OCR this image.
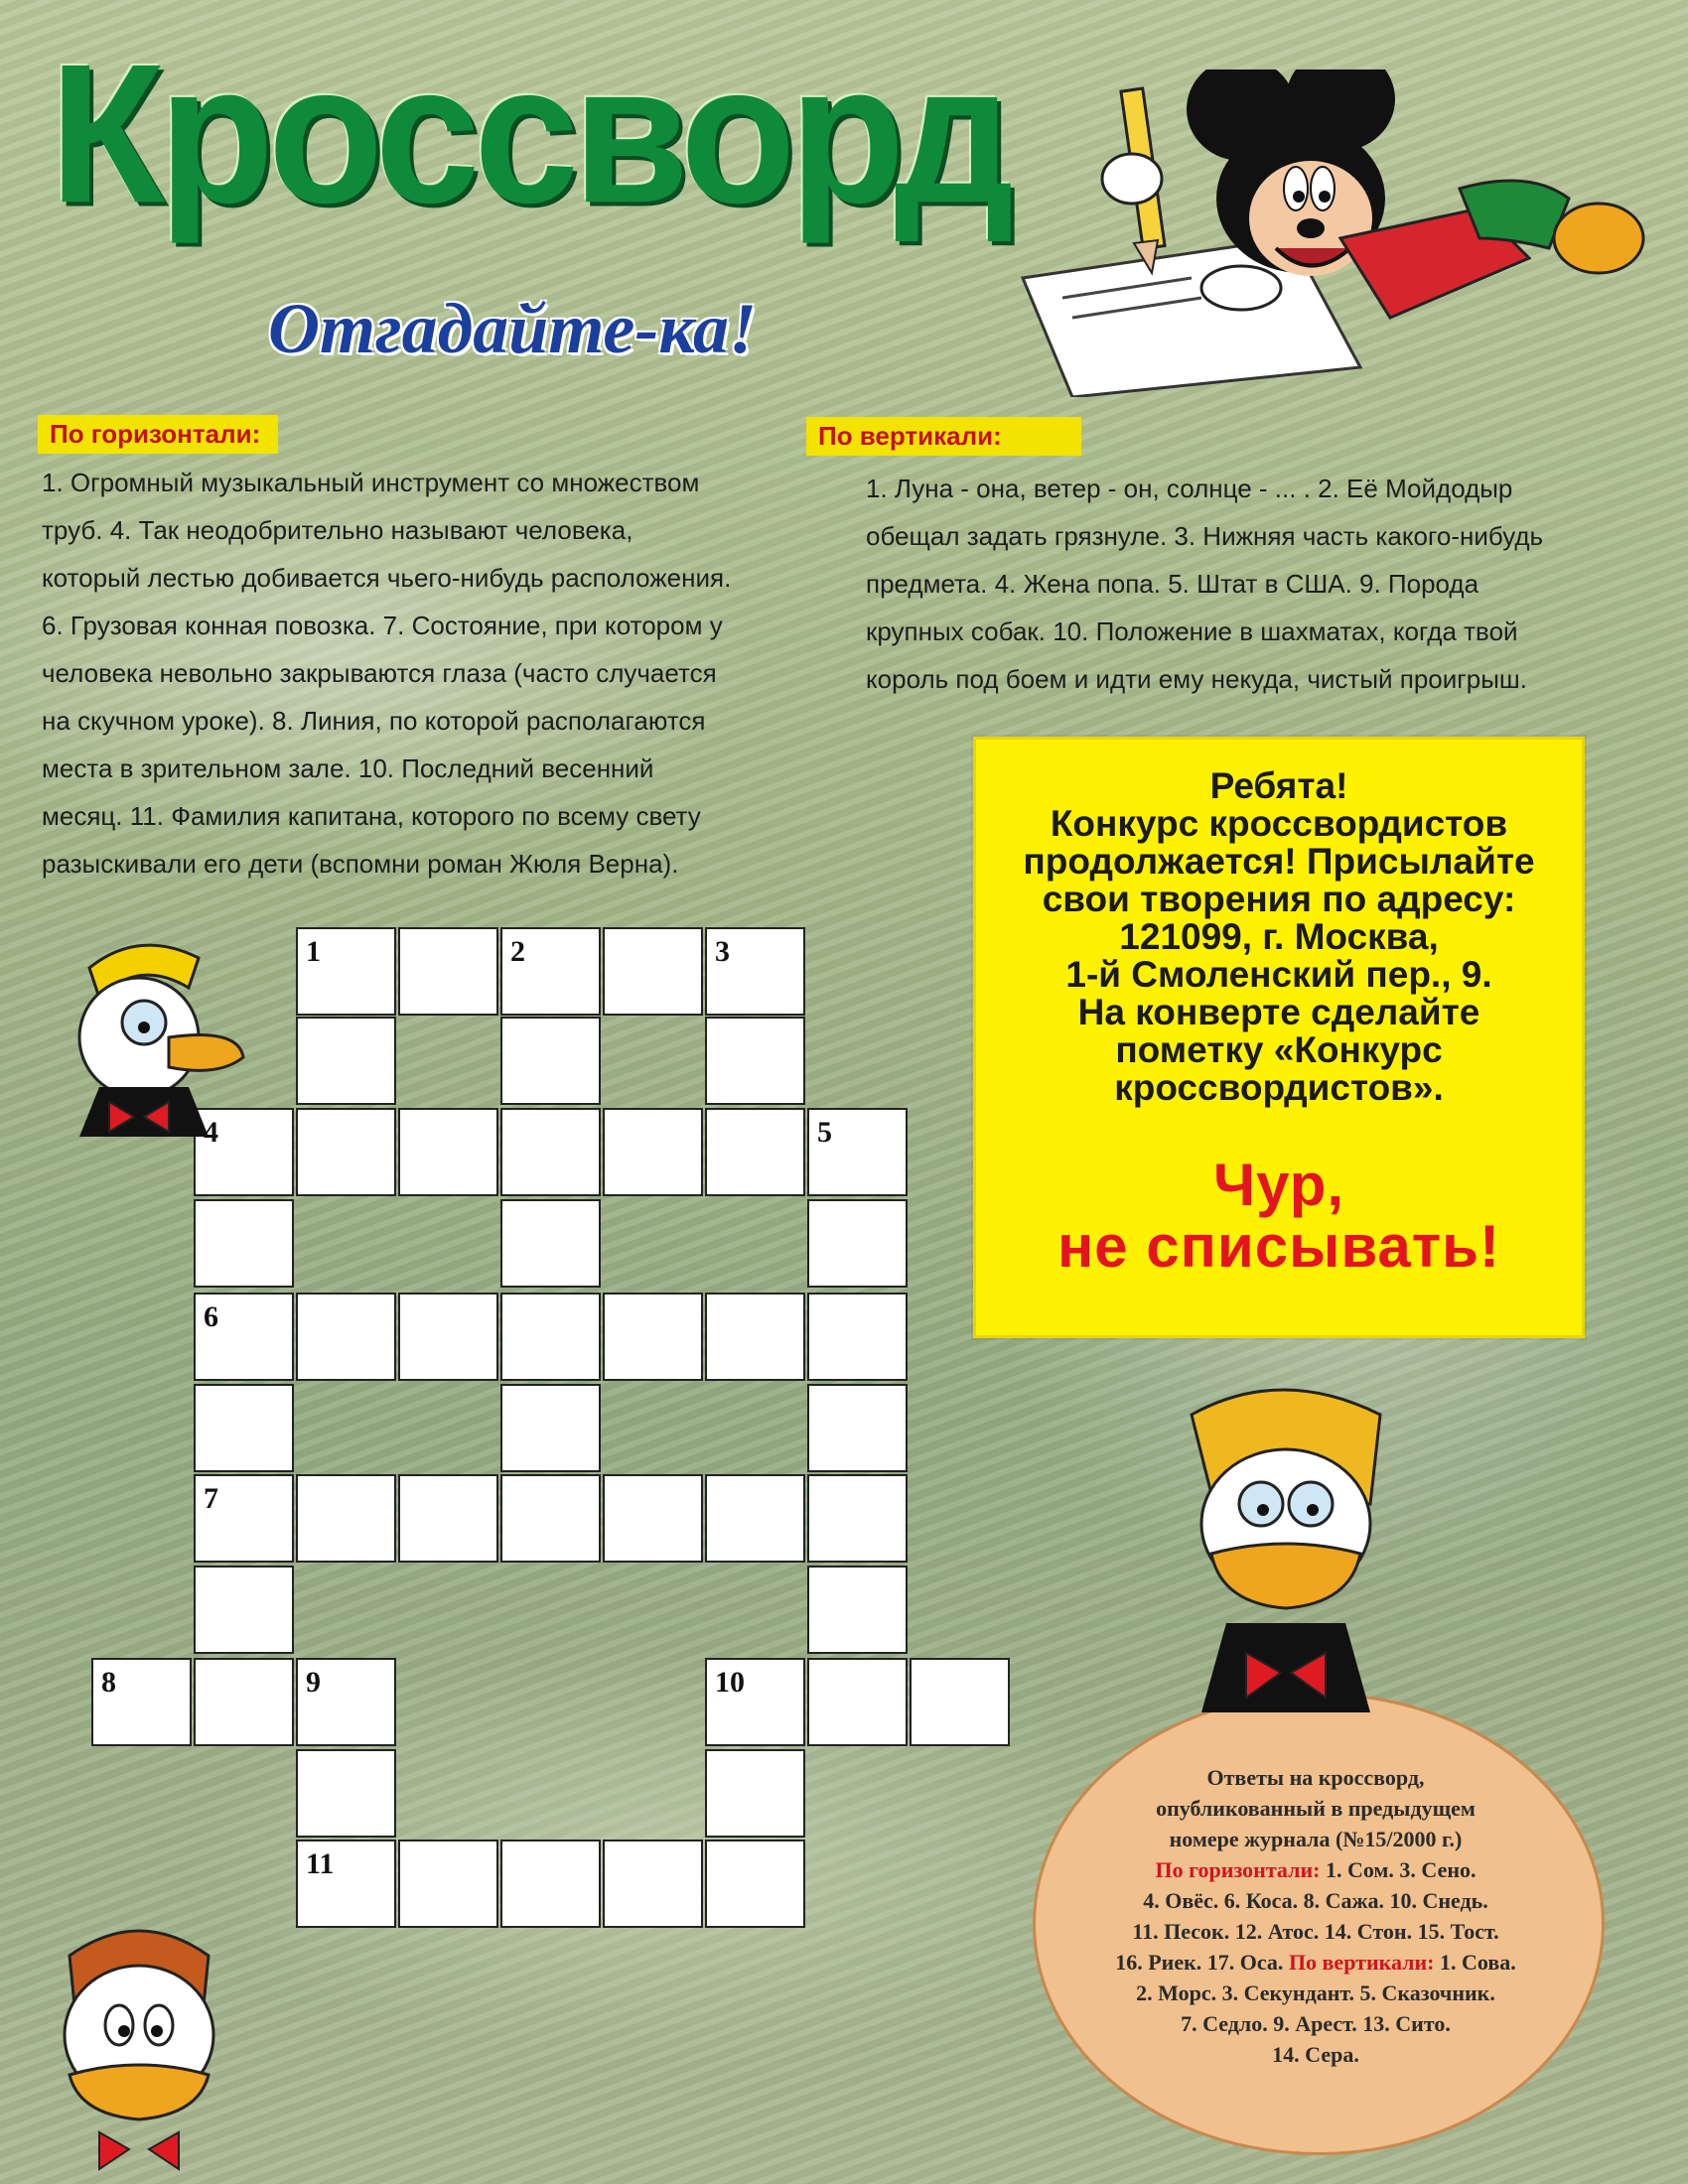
Кроссворд
Отгадайте-ка!
По горизонтали:
1. Огромный музыкальный инструмент со множеством
труб. 4. Так неодобрительно называют человека,
который лестью добивается чьего-нибудь расположения.
6. Грузовая конная повозка. 7. Состояние, при котором у
человека невольно закрываются глаза (часто случается
на скучном уроке). 8. Линия, по которой располагаются
места в зрительном зале. 10. Последний весенний
месяц. 11. Фамилия капитана, которого по всему свету
разыскивали его дети (вспомни роман Жюля Верна).
По вертикали:
1. Луна - она, ветер - он, солнце - ... . 2. Её Мойдодыр
обещал задать грязнуле. 3. Нижняя часть какого-нибудь
предмета. 4. Жена попа. 5. Штат в США. 9. Порода
крупных собак. 10. Положение в шахматах, когда твой
король под боем и идти ему некуда, чистый проигрыш.
Ребята!
Конкурс кроссвордистов
продолжается! Присылайте
свои творения по адресу:
121099, г. Москва,
1-й Смоленский пер., 9.
На конверте сделайте
пометку «Конкурс
кроссвордистов».
Чур,
не списывать!
1	2	3
4	5
6
7
8	9	10
11
Ответы на кроссворд,
опубликованный в предыдущем
номере журнала (№15/2000 г.)
По горизонтали: 1. Сом. 3. Сено.
4. Овёс. 6. Коса. 8. Сажа. 10. Снедь.
11. Песок. 12. Атос. 14. Стон. 15. Тост.
16. Риек. 17. Оса. По вертикали: 1. Сова.
2. Морс. 3. Секундант. 5. Сказочник.
7. Седло. 9. Арест. 13. Сито.
14. Сера.
